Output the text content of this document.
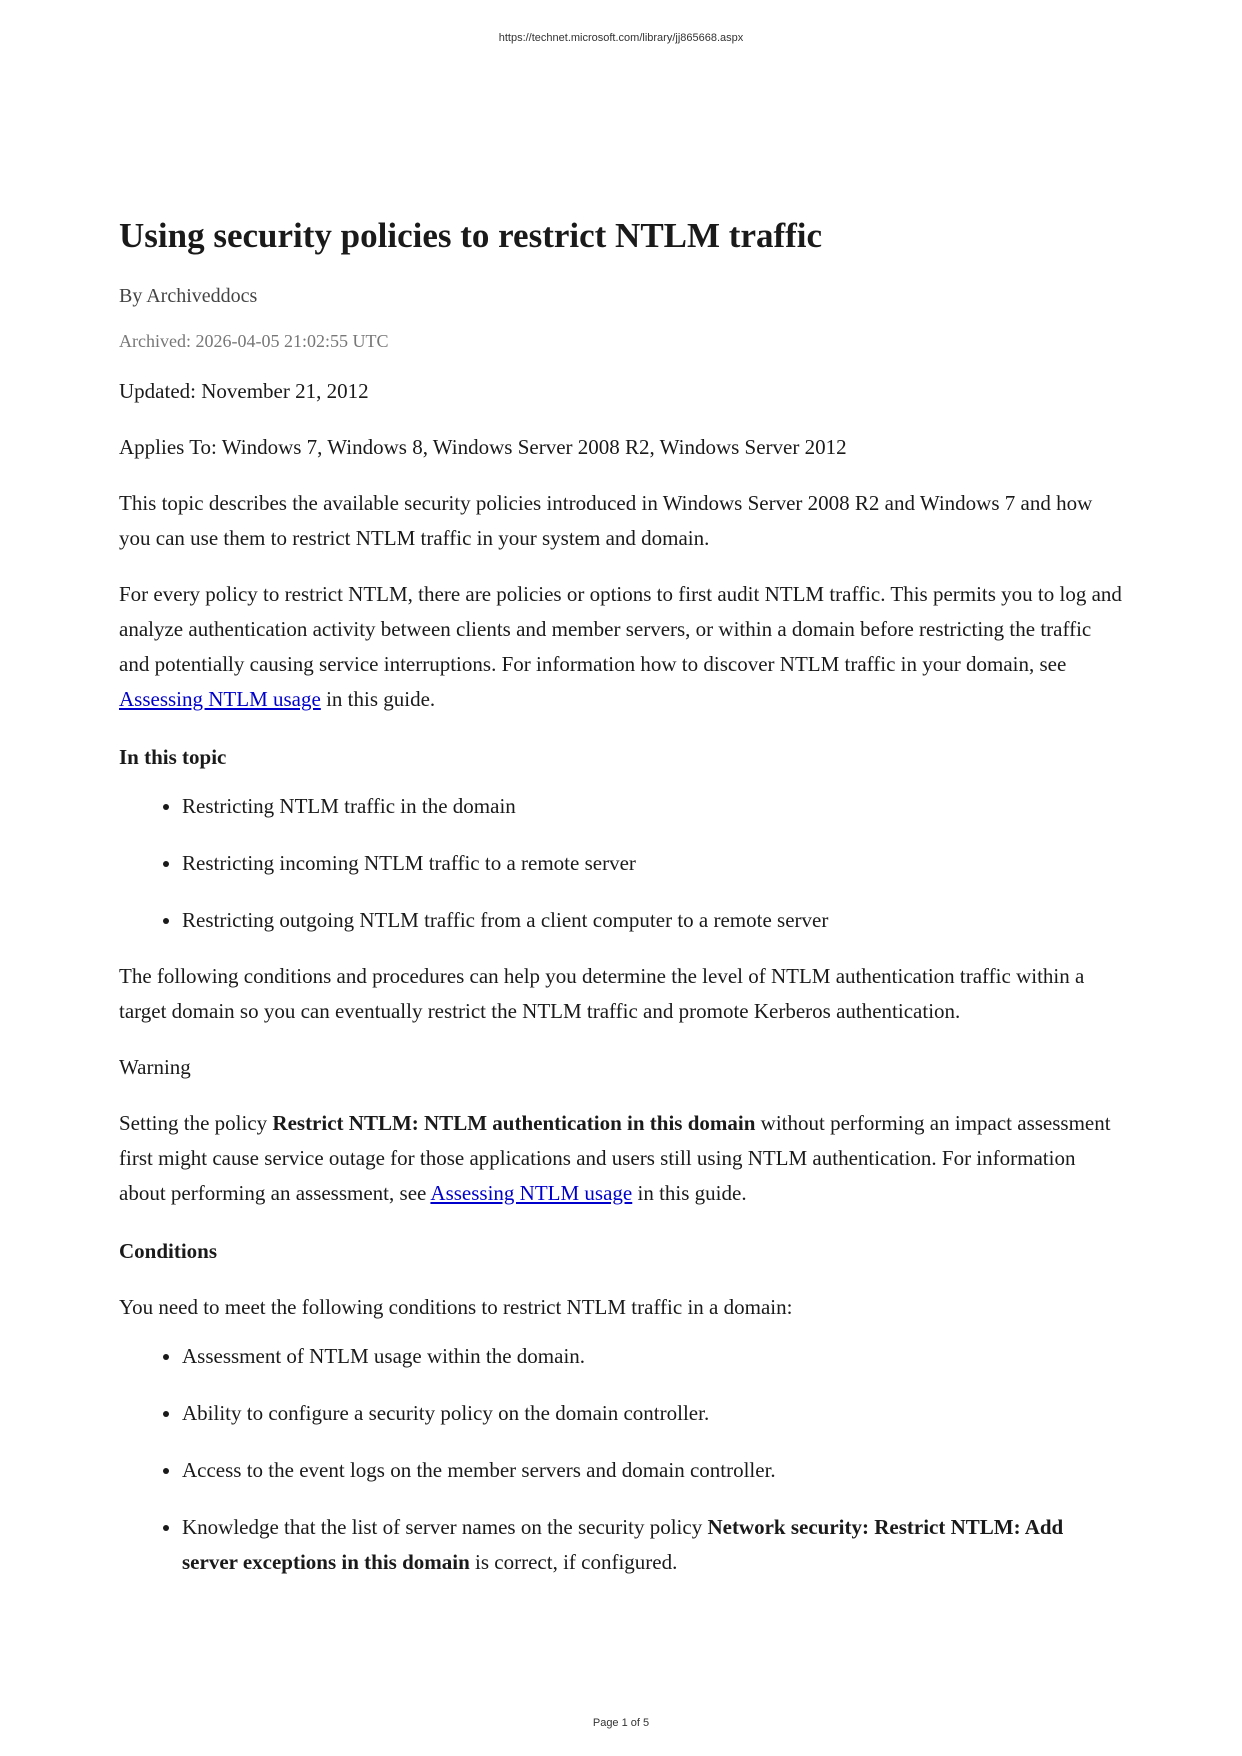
https://technet.microsoft.com/library/jj865668.aspx
Using security policies to restrict NTLM traffic
By Archiveddocs
Archived: 2026-04-05 21:02:55 UTC

Updated: November 21, 2012

Applies To: Windows 7, Windows 8, Windows Server 2008 R2, Windows Server 2012

This topic describes the available security policies introduced in Windows Server 2008 R2 and Windows 7 and how you can use them to restrict NTLM traffic in your system and domain.

For every policy to restrict NTLM, there are policies or options to first audit NTLM traffic. This permits you to log and analyze authentication activity between clients and member servers, or within a domain before restricting the traffic and potentially causing service interruptions. For information how to discover NTLM traffic in your domain, see Assessing NTLM usage in this guide.

In this topic

• Restricting NTLM traffic in the domain
• Restricting incoming NTLM traffic to a remote server
• Restricting outgoing NTLM traffic from a client computer to a remote server

The following conditions and procedures can help you determine the level of NTLM authentication traffic within a target domain so you can eventually restrict the NTLM traffic and promote Kerberos authentication.

Warning

Setting the policy Restrict NTLM: NTLM authentication in this domain without performing an impact assessment first might cause service outage for those applications and users still using NTLM authentication. For information about performing an assessment, see Assessing NTLM usage in this guide.

Conditions

You need to meet the following conditions to restrict NTLM traffic in a domain:

• Assessment of NTLM usage within the domain.
• Ability to configure a security policy on the domain controller.
• Access to the event logs on the member servers and domain controller.
• Knowledge that the list of server names on the security policy Network security: Restrict NTLM: Add server exceptions in this domain is correct, if configured.
Page 1 of 5
